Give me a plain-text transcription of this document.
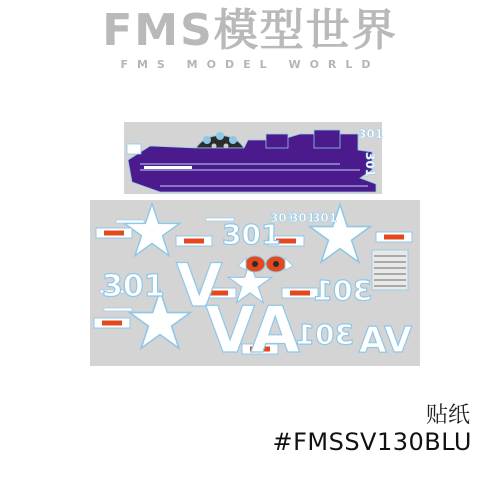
FMS模型世界
FMS MODEL WORLD
301
301
301
301
301
301
301	301
301
V
AV VA
贴纸
#FMSSV130BLU
